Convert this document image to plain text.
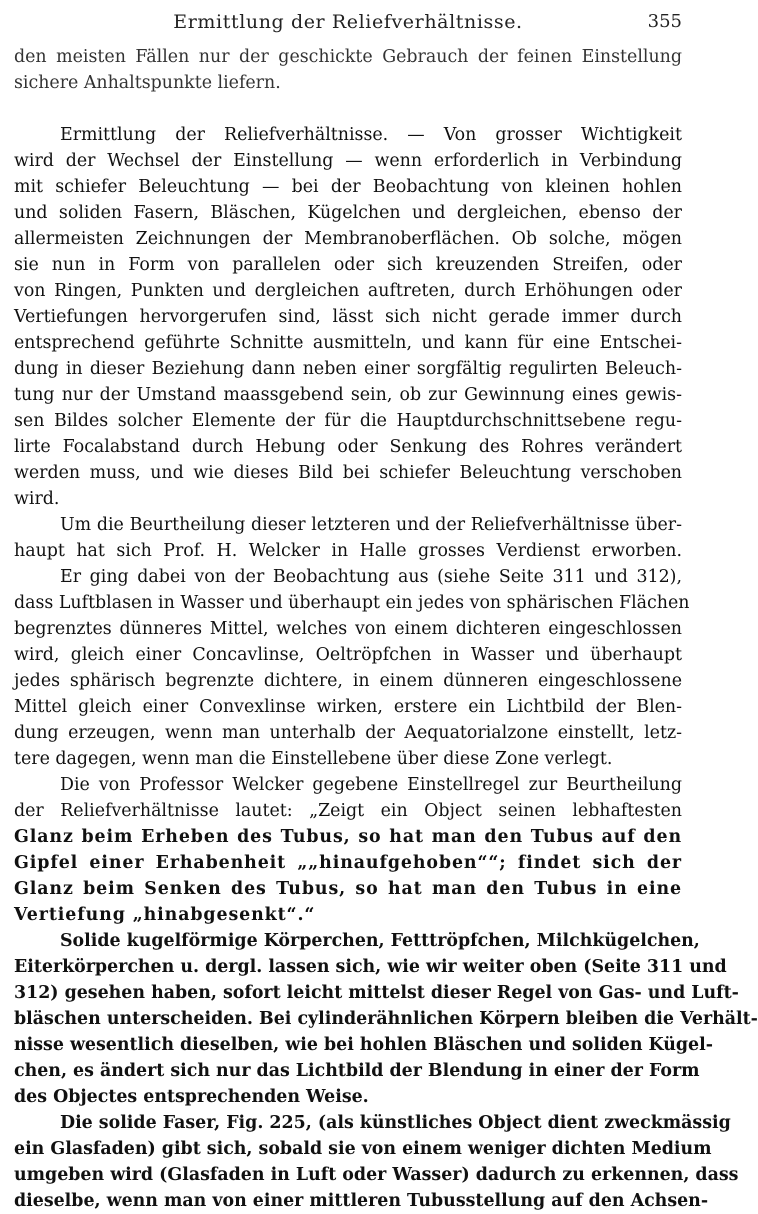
Ermittlung der Reliefverhältnisse.	355
den meisten Fällen nur der geschickte Gebrauch der feinen Einstellung
sichere Anhaltspunkte liefern.
Ermittlung der Reliefverhältnisse. — Von grosser Wichtigkeit
wird der Wechsel der Einstellung — wenn erforderlich in Verbindung
mit schiefer Beleuchtung — bei der Beobachtung von kleinen hohlen
und soliden Fasern, Bläschen, Kügelchen und dergleichen, ebenso der
allermeisten Zeichnungen der Membranoberflächen. Ob solche, mögen
sie nun in Form von parallelen oder sich kreuzenden Streifen, oder
von Ringen, Punkten und dergleichen auftreten, durch Erhöhungen oder
Vertiefungen hervorgerufen sind, lässt sich nicht gerade immer durch
entsprechend geführte Schnitte ausmitteln, und kann für eine Entschei-
dung in dieser Beziehung dann neben einer sorgfältig regulirten Beleuch-
tung nur der Umstand maassgebend sein, ob zur Gewinnung eines gewis-
sen Bildes solcher Elemente der für die Hauptdurchschnittsebene regu-
lirte Focalabstand durch Hebung oder Senkung des Rohres verändert
werden muss, und wie dieses Bild bei schiefer Beleuchtung verschoben
wird.
Um die Beurtheilung dieser letzteren und der Reliefverhältnisse über-
haupt hat sich Prof. H. Welcker in Halle grosses Verdienst erworben.
Er ging dabei von der Beobachtung aus (siehe Seite 311 und 312),
dass Luftblasen in Wasser und überhaupt ein jedes von sphärischen Flächen
begrenztes dünneres Mittel, welches von einem dichteren eingeschlossen
wird, gleich einer Concavlinse, Oeltröpfchen in Wasser und überhaupt
jedes sphärisch begrenzte dichtere, in einem dünneren eingeschlossene
Mittel gleich einer Convexlinse wirken, erstere ein Lichtbild der Blen-
dung erzeugen, wenn man unterhalb der Aequatorialzone einstellt, letz-
tere dagegen, wenn man die Einstellebene über diese Zone verlegt.
Die von Professor Welcker gegebene Einstellregel zur Beurtheilung
der Reliefverhältnisse lautet: „Zeigt ein Object seinen lebhaftesten
Glanz beim Erheben des Tubus, so hat man den Tubus auf den
Gipfel einer Erhabenheit „„hinaufgehoben““; findet sich der
Glanz beim Senken des Tubus, so hat man den Tubus in eine
Vertiefung „hinabgesenkt“.“
Solide kugelförmige Körperchen, Fetttröpfchen, Milchkügelchen,
Eiterkörperchen u. dergl. lassen sich, wie wir weiter oben (Seite 311 und
312) gesehen haben, sofort leicht mittelst dieser Regel von Gas- und Luft-
bläschen unterscheiden. Bei cylinderähnlichen Körpern bleiben die Verhält-
nisse wesentlich dieselben, wie bei hohlen Bläschen und soliden Kügel-
chen, es ändert sich nur das Lichtbild der Blendung in einer der Form
des Objectes entsprechenden Weise.
Die solide Faser, Fig. 225, (als künstliches Object dient zweckmässig
ein Glasfaden) gibt sich, sobald sie von einem weniger dichten Medium
umgeben wird (Glasfaden in Luft oder Wasser) dadurch zu erkennen, dass
dieselbe, wenn man von einer mittleren Tubusstellung auf den Achsen-
